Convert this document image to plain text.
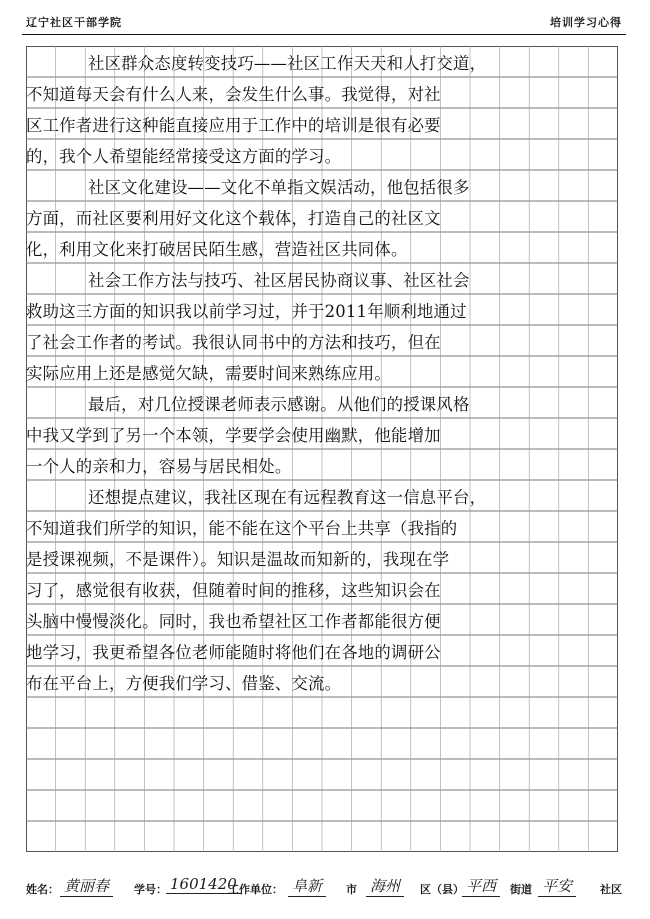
辽宁社区干部学院	培训学习心得
社区群众态度转变技巧——社区工作天天和人打交道，
不知道每天会有什么人来，会发生什么事。我觉得，对社
区工作者进行这种能直接应用于工作中的培训是很有必要
的，我个人希望能经常接受这方面的学习。
社区文化建设——文化不单指文娱活动，他包括很多
方面，而社区要利用好文化这个载体，打造自己的社区文
化，利用文化来打破居民陌生感，营造社区共同体。
社会工作方法与技巧、社区居民协商议事、社区社会
救助这三方面的知识我以前学习过，并于2011年顺利地通过
了社会工作者的考试。我很认同书中的方法和技巧，但在
实际应用上还是感觉欠缺，需要时间来熟练应用。
最后，对几位授课老师表示感谢。从他们的授课风格
中我又学到了另一个本领，学要学会使用幽默，他能增加
一个人的亲和力，容易与居民相处。
还想提点建议，我社区现在有远程教育这一信息平台，
不知道我们所学的知识，能不能在这个平台上共享（我指的
是授课视频，不是课件）。知识是温故而知新的，我现在学
习了，感觉很有收获，但随着时间的推移，这些知识会在
头脑中慢慢淡化。同时，我也希望社区工作者都能很方便
地学习，我更希望各位老师能随时将他们在各地的调研公
布在平台上，方便我们学习、借鉴、交流。
姓名： 黄丽春	学号： 1601420
工作单位： 阜新	市 海州	区（县） 平西	街道 平安	社区
